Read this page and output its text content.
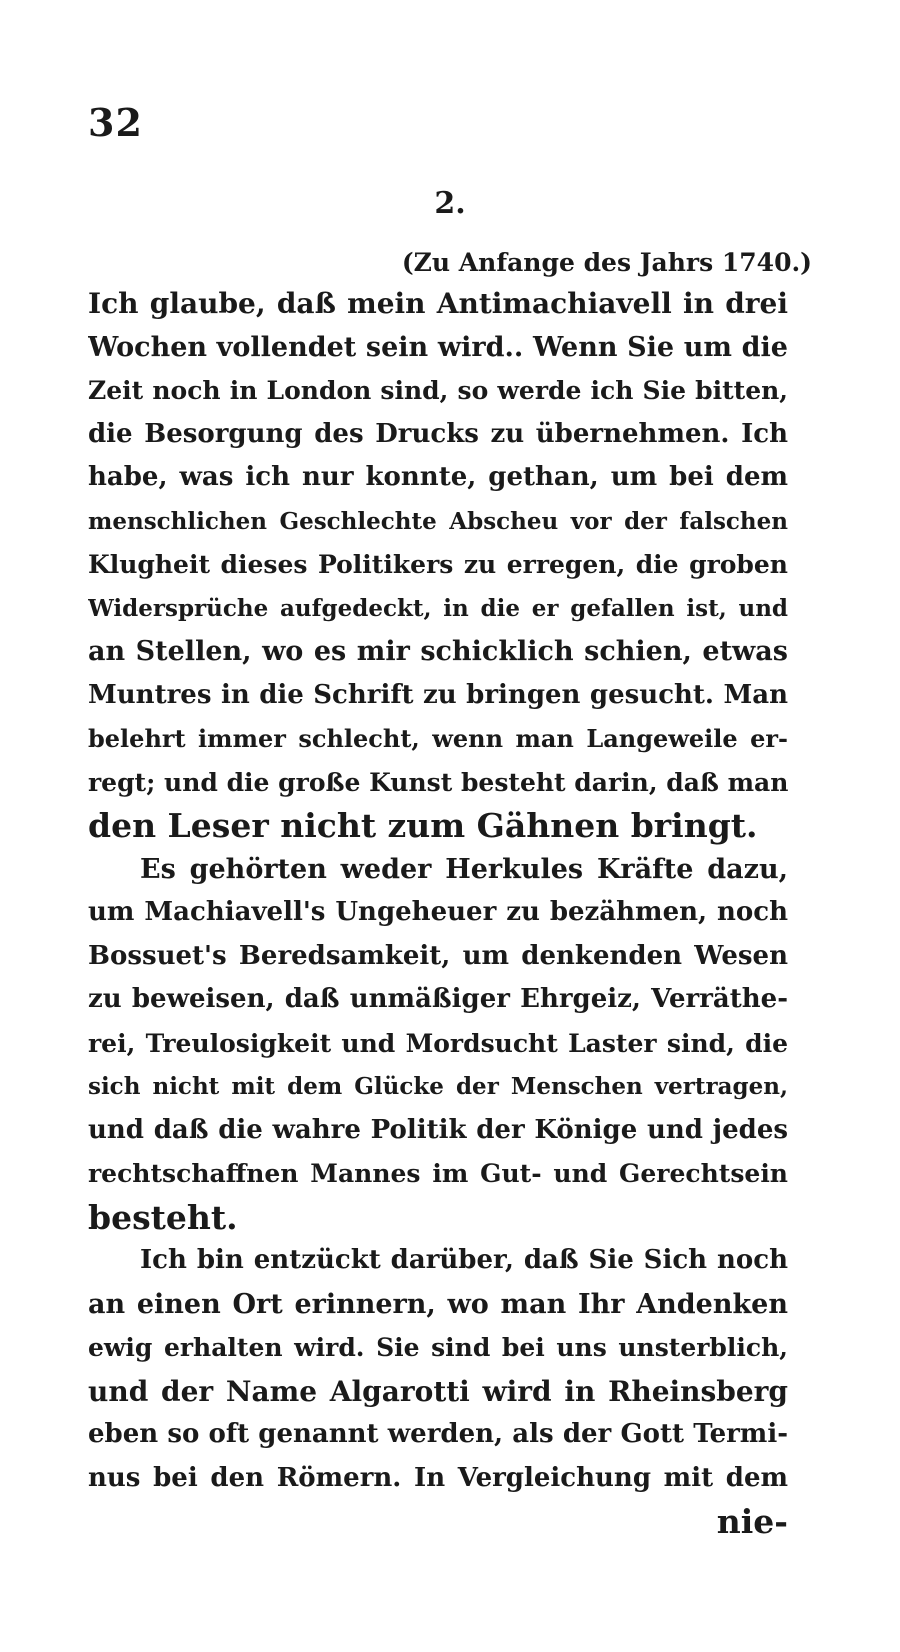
32
2.
(Zu Anfange des Jahrs 1740.)
Ich glaube, daß mein Antimachiavell in drei
Wochen vollendet sein wird.. Wenn Sie um die
Zeit noch in London sind, so werde ich Sie bitten,
die Besorgung des Drucks zu übernehmen. Ich
habe, was ich nur konnte, gethan, um bei dem
menschlichen Geschlechte Abscheu vor der falschen
Klugheit dieses Politikers zu erregen, die groben
Widersprüche aufgedeckt, in die er gefallen ist, und
an Stellen, wo es mir schicklich schien, etwas
Muntres in die Schrift zu bringen gesucht. Man
belehrt immer schlecht, wenn man Langeweile er-
regt; und die große Kunst besteht darin, daß man
den Leser nicht zum Gähnen bringt.
Es gehörten weder Herkules Kräfte dazu,
um Machiavell's Ungeheuer zu bezähmen, noch
Bossuet's Beredsamkeit, um denkenden Wesen
zu beweisen, daß unmäßiger Ehrgeiz, Verräthe-
rei, Treulosigkeit und Mordsucht Laster sind, die
sich nicht mit dem Glücke der Menschen vertragen,
und daß die wahre Politik der Könige und jedes
rechtschaffnen Mannes im Gut- und Gerechtsein
besteht.
Ich bin entzückt darüber, daß Sie Sich noch
an einen Ort erinnern, wo man Ihr Andenken
ewig erhalten wird. Sie sind bei uns unsterblich,
und der Name Algarotti wird in Rheinsberg
eben so oft genannt werden, als der Gott Termi-
nus bei den Römern. In Vergleichung mit dem
nie-
